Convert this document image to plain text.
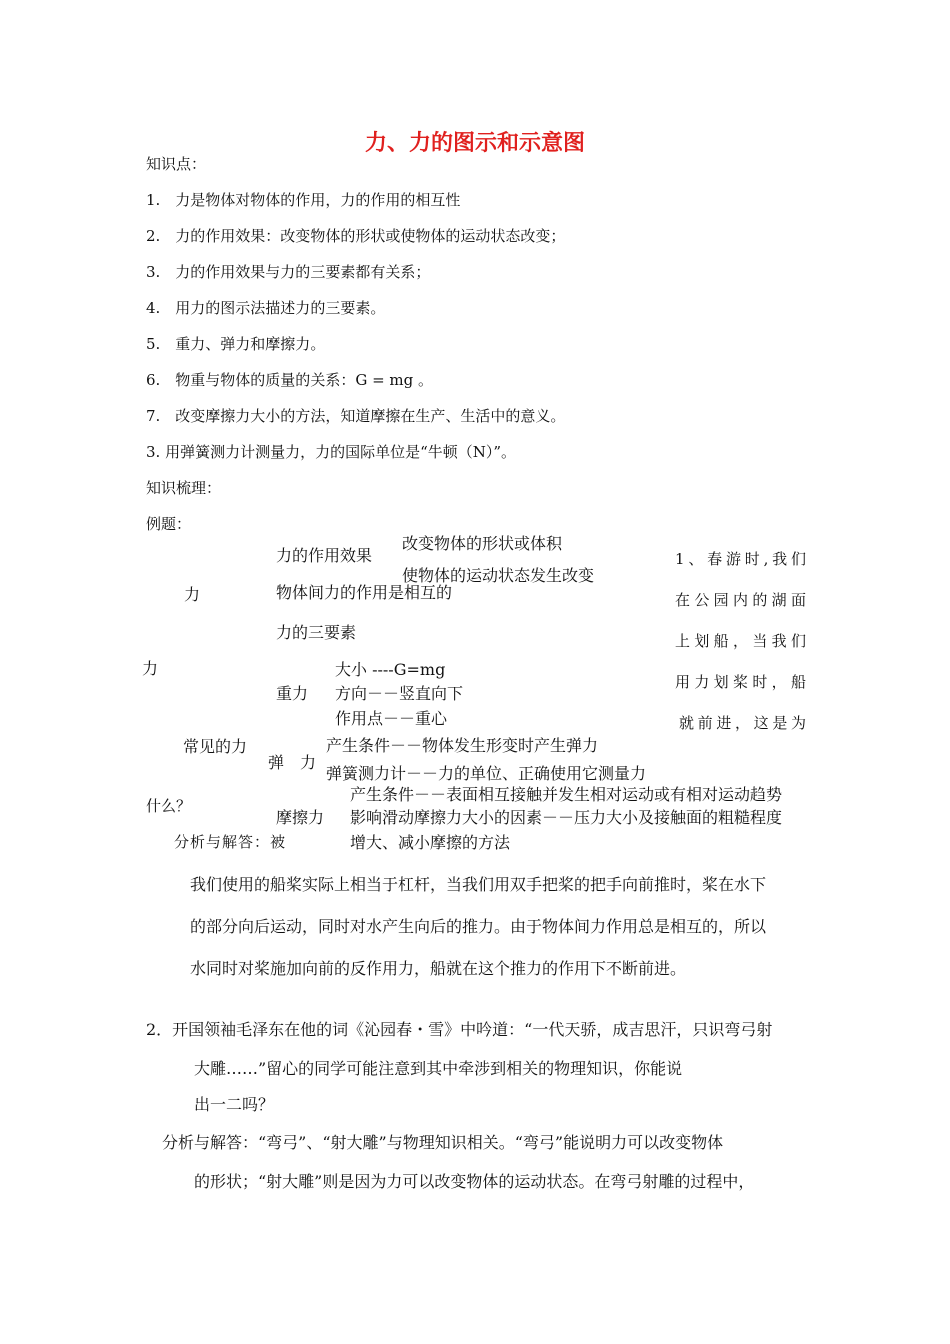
力、力的图示和示意图
知识点：
1.　力是物体对物体的作用，力的作用的相互性
2.　力的作用效果：改变物体的形状或使物体的运动状态改变；
3.　力的作用效果与力的三要素都有关系；
4.　用力的图示法描述力的三要素。
5.　重力、弹力和摩擦力。
6.　物重与物体的质量的关系：G = mg 。
7.　改变摩擦力大小的方法，知道摩擦在生产、生活中的意义。
3. 用弹簧测力计测量力，力的国际单位是“牛顿（N）”。
知识梳理：
例题：
力的作用效果
改变物体的形状或体积
使物体的运动状态发生改变
力	物体间力的作用是相互的
力的三要素
力	大小 ----G=mg
重力 方向－－竖直向下
作用点－－重心
常见的力	产生条件－－物体发生形变时产生弹力
弹　力
弹簧测力计－－力的单位、正确使用它测量力
产生条件－－表面相互接触并发生相对运动或有相对运动趋势
摩擦力 影响滑动摩擦力大小的因素－－压力大小及接触面的粗糙程度
增大、减小摩擦的方法
1、春游时,我们
在公园内的湖面
上划船，当我们
用力划桨时，船
就前进，这是为
什么？
分析与解答：被
我们使用的船桨实际上相当于杠杆，当我们用双手把桨的把手向前推时，桨在水下
的部分向后运动，同时对水产生向后的推力。由于物体间力作用总是相互的，所以
水同时对桨施加向前的反作用力，船就在这个推力的作用下不断前进。
2．开国领袖毛泽东在他的词《沁园春・雪》中吟道：“一代天骄，成吉思汗，只识弯弓射
大雕……”留心的同学可能注意到其中牵涉到相关的物理知识，你能说
出一二吗？
分析与解答：“弯弓”、“射大雕”与物理知识相关。“弯弓”能说明力可以改变物体
的形状；“射大雕”则是因为力可以改变物体的运动状态。在弯弓射雕的过程中，
